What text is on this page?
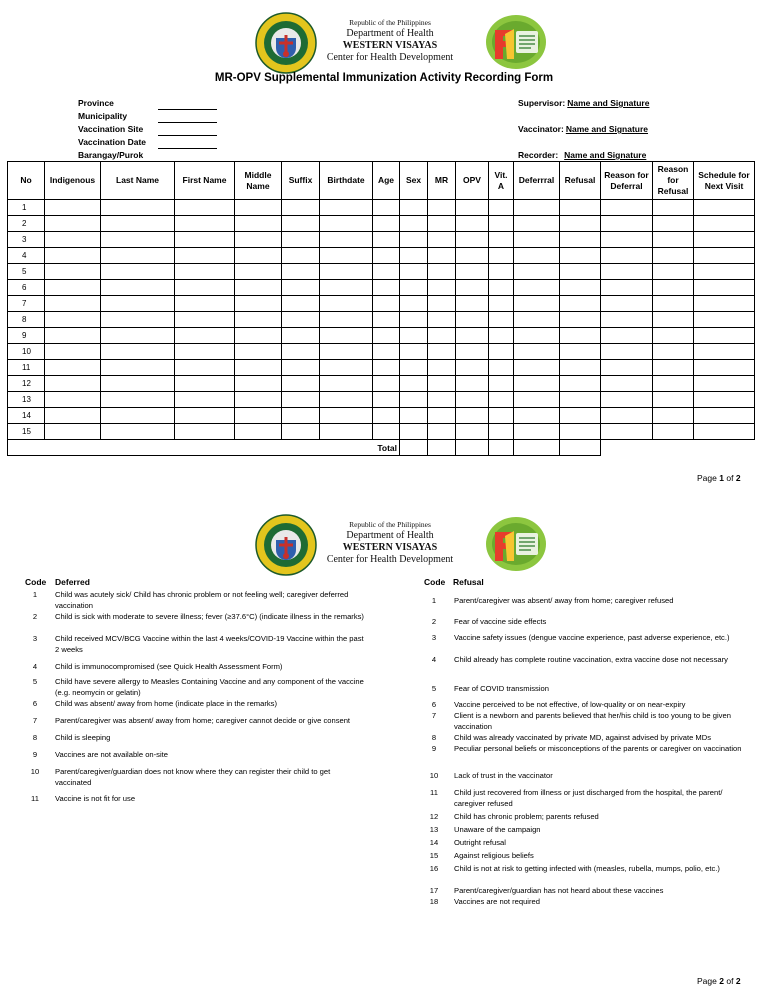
Republic of the Philippines
Department of Health
WESTERN VISAYAS
Center for Health Development
MR-OPV Supplemental Immunization Activity Recording Form
Province
Municipality
Vaccination Site
Vaccination Date
Barangay/Purok
Supervisor: Name and Signature
Vaccinator: Name and Signature
Recorder: Name and Signature
No	Indigenous	Last Name	First Name	Middle Name	Suffix	Birthdate	Age	Sex	MR	OPV	Vit. A	Deferrral	Refusal	Reason for Deferral	Reason for Refusal	Schedule for Next Visit
1																
2																
3																
4																
5																
6																
7																
8																
9																
10																
11																
12																
13																
14																
15																
Total																
Page 1 of 2
Republic of the Philippines
Department of Health
WESTERN VISAYAS
Center for Health Development
Code Deferred
1	Child was acutely sick/ Child has chronic problem or not feeling well; caregiver deferred vaccination
2	Child is sick with moderate to severe illness; fever (≥37.6°C) (indicate illness in the remarks)
3	Child received MCV/BCG Vaccine within the last 4 weeks/COVID-19 Vaccine within the past 2 weeks
4	Child is immunocompromised (see Quick Health Assessment Form)
5	Child have severe allergy to Measles Containing Vaccine and any component of the vaccine (e.g. neomycin or gelatin)
6	Child was absent/ away from home (indicate place in the remarks)
7	Parent/caregiver was absent/ away from home; caregiver cannot decide or give consent
8	Child is sleeping
9	Vaccines are not available on-site
10	Parent/caregiver/guardian does not know where they can register their child to get vaccinated
11	Vaccine is not fit for use
Code Refusal
1	Parent/caregiver was absent/ away from home; caregiver refused
2	Fear of vaccine side effects
3	Vaccine safety issues (dengue vaccine experience, past adverse experience, etc.)
4	Child already has complete routine vaccination, extra vaccine dose not necessary
5	Fear of COVID transmission
6	Vaccine perceived to be not effective, of low-quality or on near-expiry
7	Client is a newborn and parents believed that her/his child is too young to be given vaccination
8	Child was already vaccinated by private MD, against advised by private MDs
9	Peculiar personal beliefs or misconceptions of the parents or caregiver on vaccination
10	Lack of trust in the vaccinator
11	Child just recovered from illness or just discharged from the hospital, the parent/ caregiver refused
12	Child has chronic problem; parents refused
13	Unaware of the campaign
14	Outright refusal
15	Against religious beliefs
16	Child is not at risk to getting infected with (measles, rubella, mumps, polio, etc.)
17	Parent/caregiver/guardian has not heard about these vaccines
18	Vaccines are not required
Page 2 of 2
